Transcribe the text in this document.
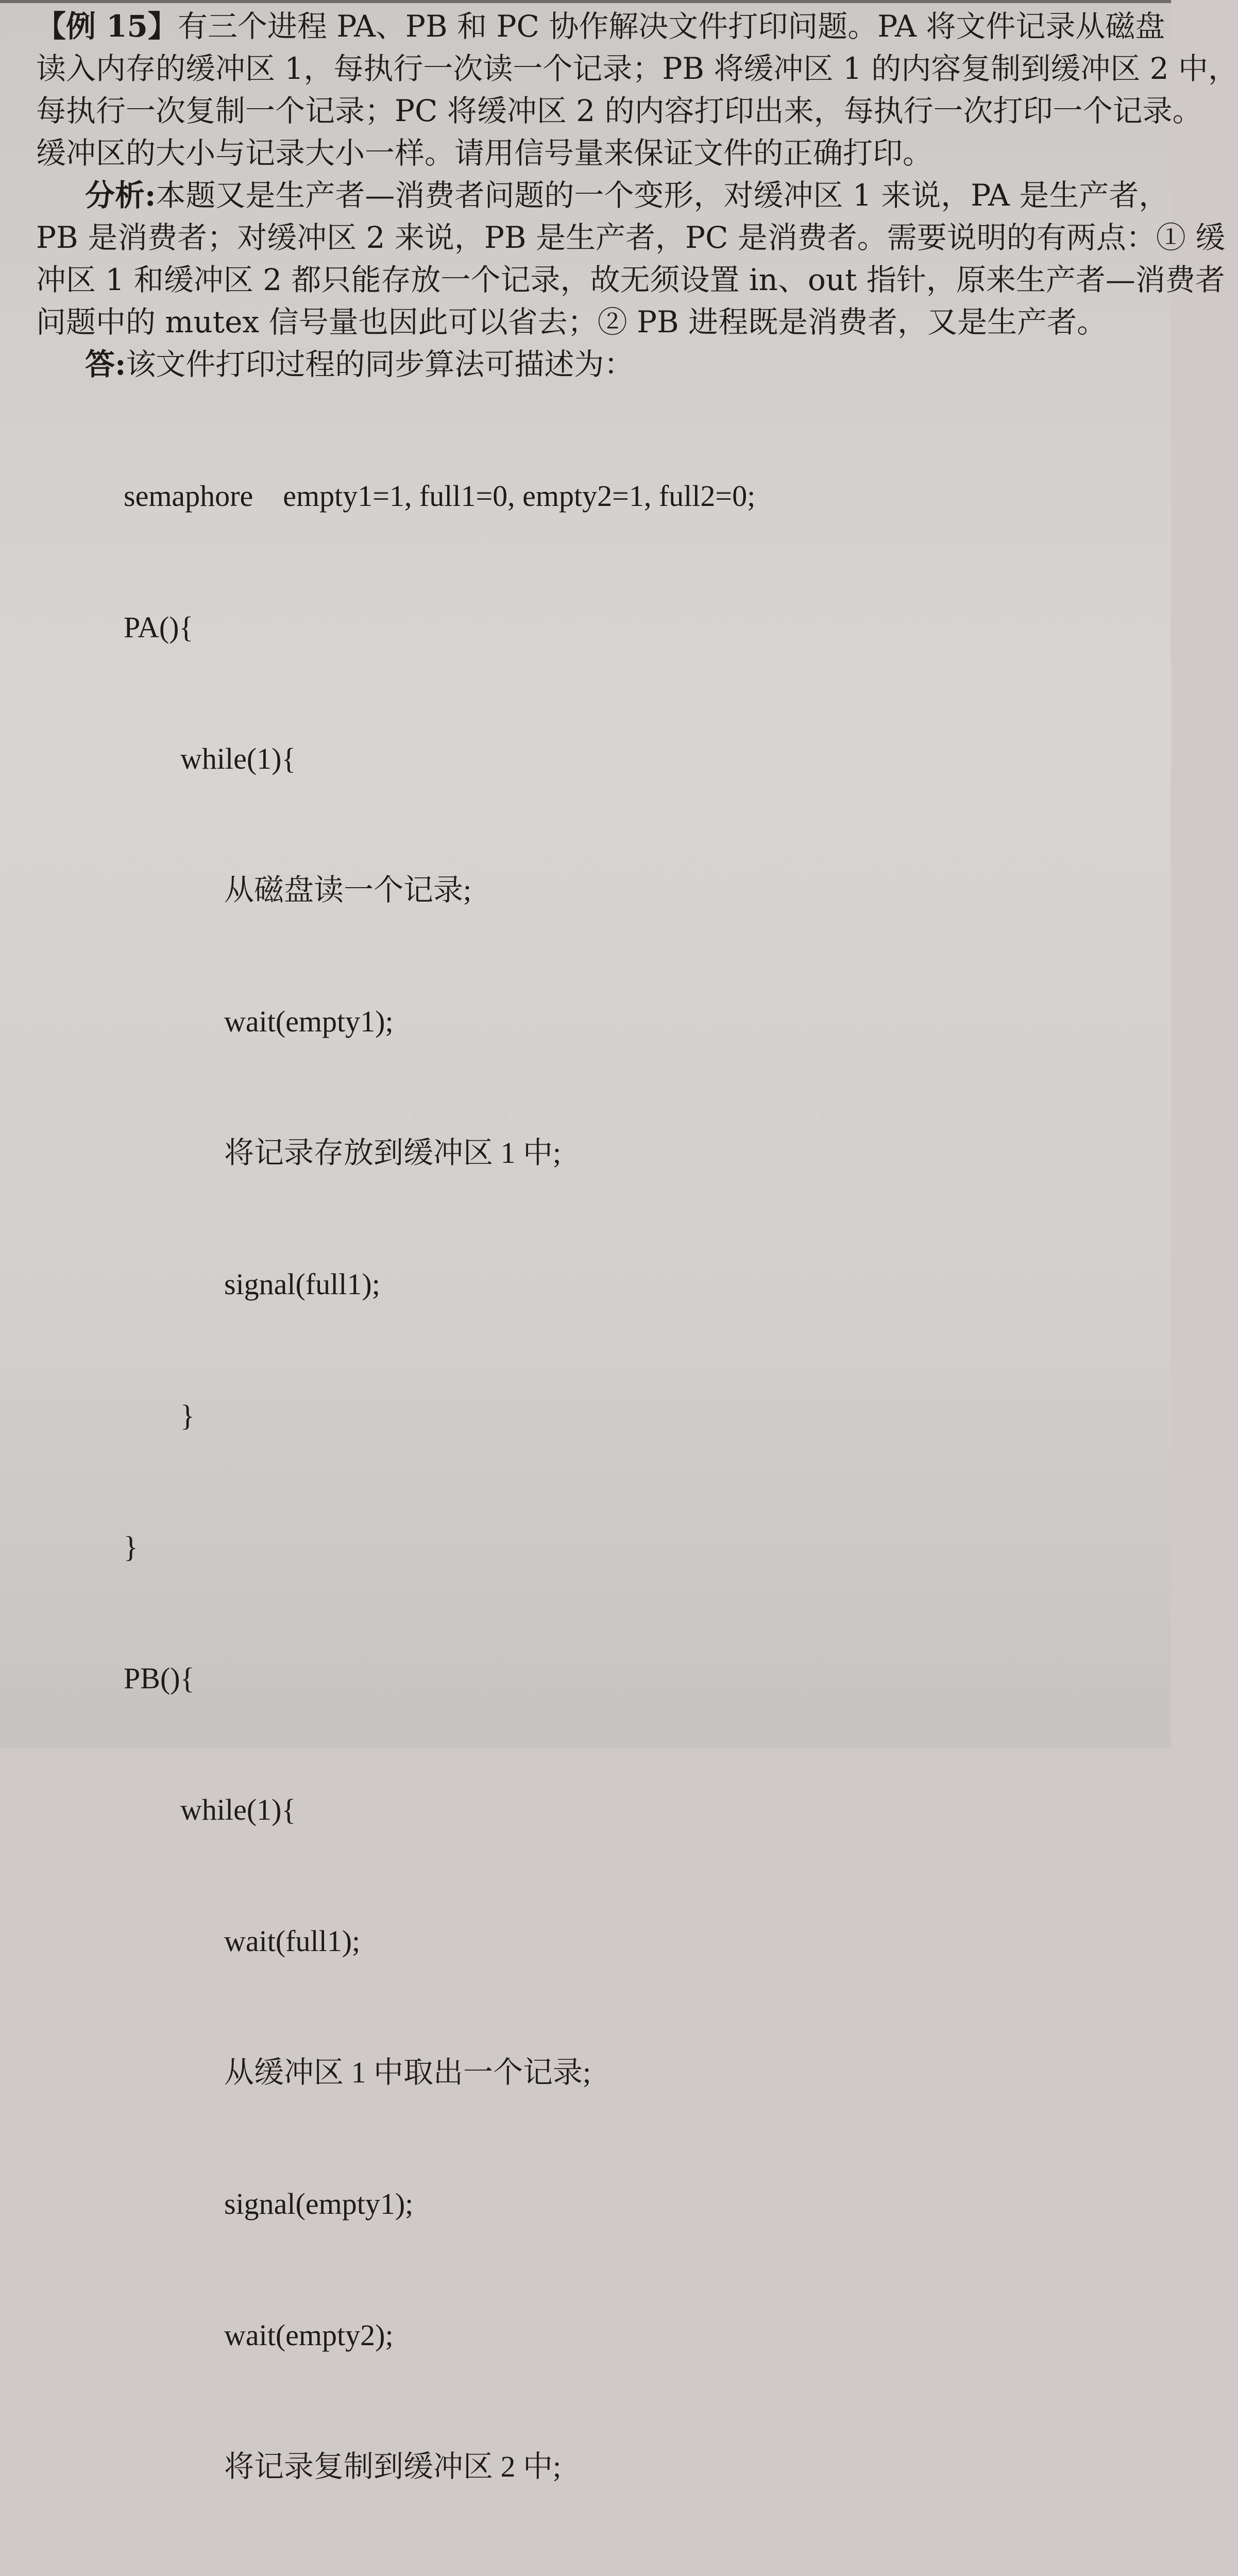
【例 15】有三个进程 PA、PB 和 PC 协作解决文件打印问题。PA 将文件记录从磁盘

读入内存的缓冲区 1，每执行一次读一个记录；PB 将缓冲区 1 的内容复制到缓冲区 2 中，

每执行一次复制一个记录；PC 将缓冲区 2 的内容打印出来，每执行一次打印一个记录。

缓冲区的大小与记录大小一样。请用信号量来保证文件的正确打印。

分析:本题又是生产者—消费者问题的一个变形，对缓冲区 1 来说，PA 是生产者，

PB 是消费者；对缓冲区 2 来说，PB 是生产者，PC 是消费者。需要说明的有两点：① 缓

冲区 1 和缓冲区 2 都只能存放一个记录，故无须设置 in、out 指针，原来生产者—消费者

问题中的 mutex 信号量也因此可以省去；② PB 进程既是消费者，又是生产者。

答:该文件打印过程的同步算法可描述为：

semaphore    empty1=1, full1=0, empty2=1, full2=0;

PA(){

while(1){

从磁盘读一个记录;

wait(empty1);

将记录存放到缓冲区 1 中;

signal(full1);

}

}

PB(){

while(1){

wait(full1);

从缓冲区 1 中取出一个记录;

signal(empty1);

wait(empty2);

将记录复制到缓冲区 2 中;
